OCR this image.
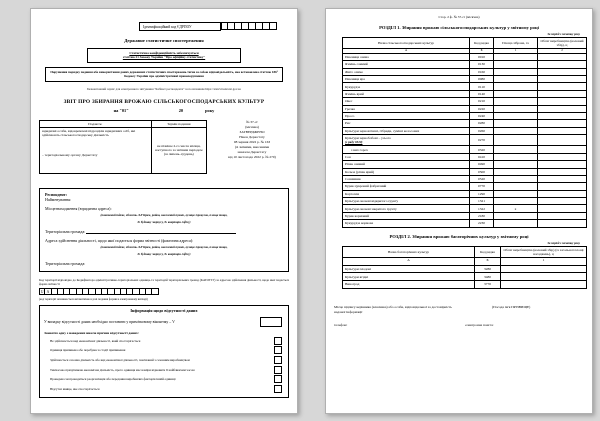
Ідентифікаційний код ЄДРПОУ
Державне статистичне спостереження
Статистична конфіденційність забезпечується
статтею 21 Закону України "Про офіційну статистику"
Порушення порядку подання або використання даних державних статистичних спостережень тягне за собою відповідальність, яка встановлена статтею 186³ Кодексу України про адміністративні правопорушення
Безкоштовний сервіс для електронного звітування "Кабінет респондента" за посиланням https://statzvit.ukrstat.gov.ua
ЗВІТ ПРО ЗБИРАННЯ ВРОЖАЮ СІЛЬСЬКОГОСПОДАРСЬКИХ КУЛЬТУР
на "01"	20	року
Подають:	Термін подання

юридичні особи, відокремлені підрозділи юридичних осіб, які здійснюють сільськогосподарську діяльність
– територіальному органу Держстату	не пізніше 2-го числа місяця, наступного за звітним періодом (за липень–грудень)
№ 37-сг
(місячна)
ЗАТВЕРДЖЕНО
Наказ Держстату
08 червня 2022 р. № 163
(зі змінами, внесеними
наказом Держстату
від 10 листопада 2022 р. № 270)
Респондент:
Найменування:
Місцезнаходження (юридична адреса):
(поштовий індекс, область /АР Крим, район, населений пункт, вулиця /провулок, площа тощо,
№ будинку /корпусу, № квартири /офісу)
Територіальна громада:
Адреса здійснення діяльності, щодо якої подається форма звітності (фактична адреса):
(поштовий індекс, область /АР Крим, район, населений пункт, вулиця /провулок, площа тощо,
№ будинку /корпусу, № квартири /офісу)
Територіальна громада:
Код території відповідно до Кодифікатора адміністративно-територіальних одиниць та територій територіальних громад (КАТОТТГ) за адресою здійснення діяльності, щодо якої подається форма звітності
U A
(код території заповнюється автоматично в разі подання форми в електронному вигляді)
Інформація щодо відсутності даних
У випадку відсутності даних необхідно поставити у примітковому віконечку – V
Зазначте одну з наведених нижче причин відсутності даних:
Не здійснюється вид економічної діяльності, який спостерігається
Одиниця припинена або перебуває в стадії припинення
Здійснюється сезонна діяльність або вид економічної діяльності, пов'язаний з сезонним виробництвом
Тимчасово призупинена економічна діяльність, проте одиниця має наміри відновити її найближчим часом
Проведена чи проводиться реорганізація або передання виробничих факторів іншій одиниці
Відсутнє явище, яке спостерігається
Стор. 2 ф. № 37-сг (місячна)
РОЗДІЛ 1. Збирання врожаю сільськогосподарських культур у звітному році
За період з початку року
Назва сільськогосподарських культур	Код рядка	Площа зібрана, га	Обсяг виробництва (валовий збір), ц
А	Б	1	2
Пшениця озима	0010		
Ячмінь озимий	0130		
Жито озиме	0160		
Пшениця яра	0080		
Кукурудза	0110		
Ячмінь ярий	0140		
Овес	0210		
Гречка	0220		
Просо	0240		
Рис	0280		
Культури зернові інші, гібриди, суміші колосових	0260		
Культури зернобобові – усього
(з ряду 0320)	0270		
з них горох	0320		
Соя	0410		
Ріпак озимий	0490		
Кольза (ріпак ярий)	0500		
Соняшник	0520		
Буряк цукровий фабричний	0770		
Картопля	1290		
Культури овочеві відкритого ґрунту	1321		
Культури овочеві закритого ґрунту	1322	х	
Буряк кормовий	2180		
Кукурудза кормова	2230		
РОЗДІЛ 2. Збирання врожаю багаторічних культур у звітному році
За період з початку року
Назва багаторічних культур	Код рядка	Обсяг виробництва (валовий збір) (із загальної площі насаджень), ц
А	Б	1
Культури плодові	3280	
Культури ягідні	3480	
Виноград	3770	
Місце підпису керівника (власника) або особи, відповідальної за достовірність наданої інформації
(Посада ім'я ПРІЗВИЩЕ)
телефон:	електронна пошта:
